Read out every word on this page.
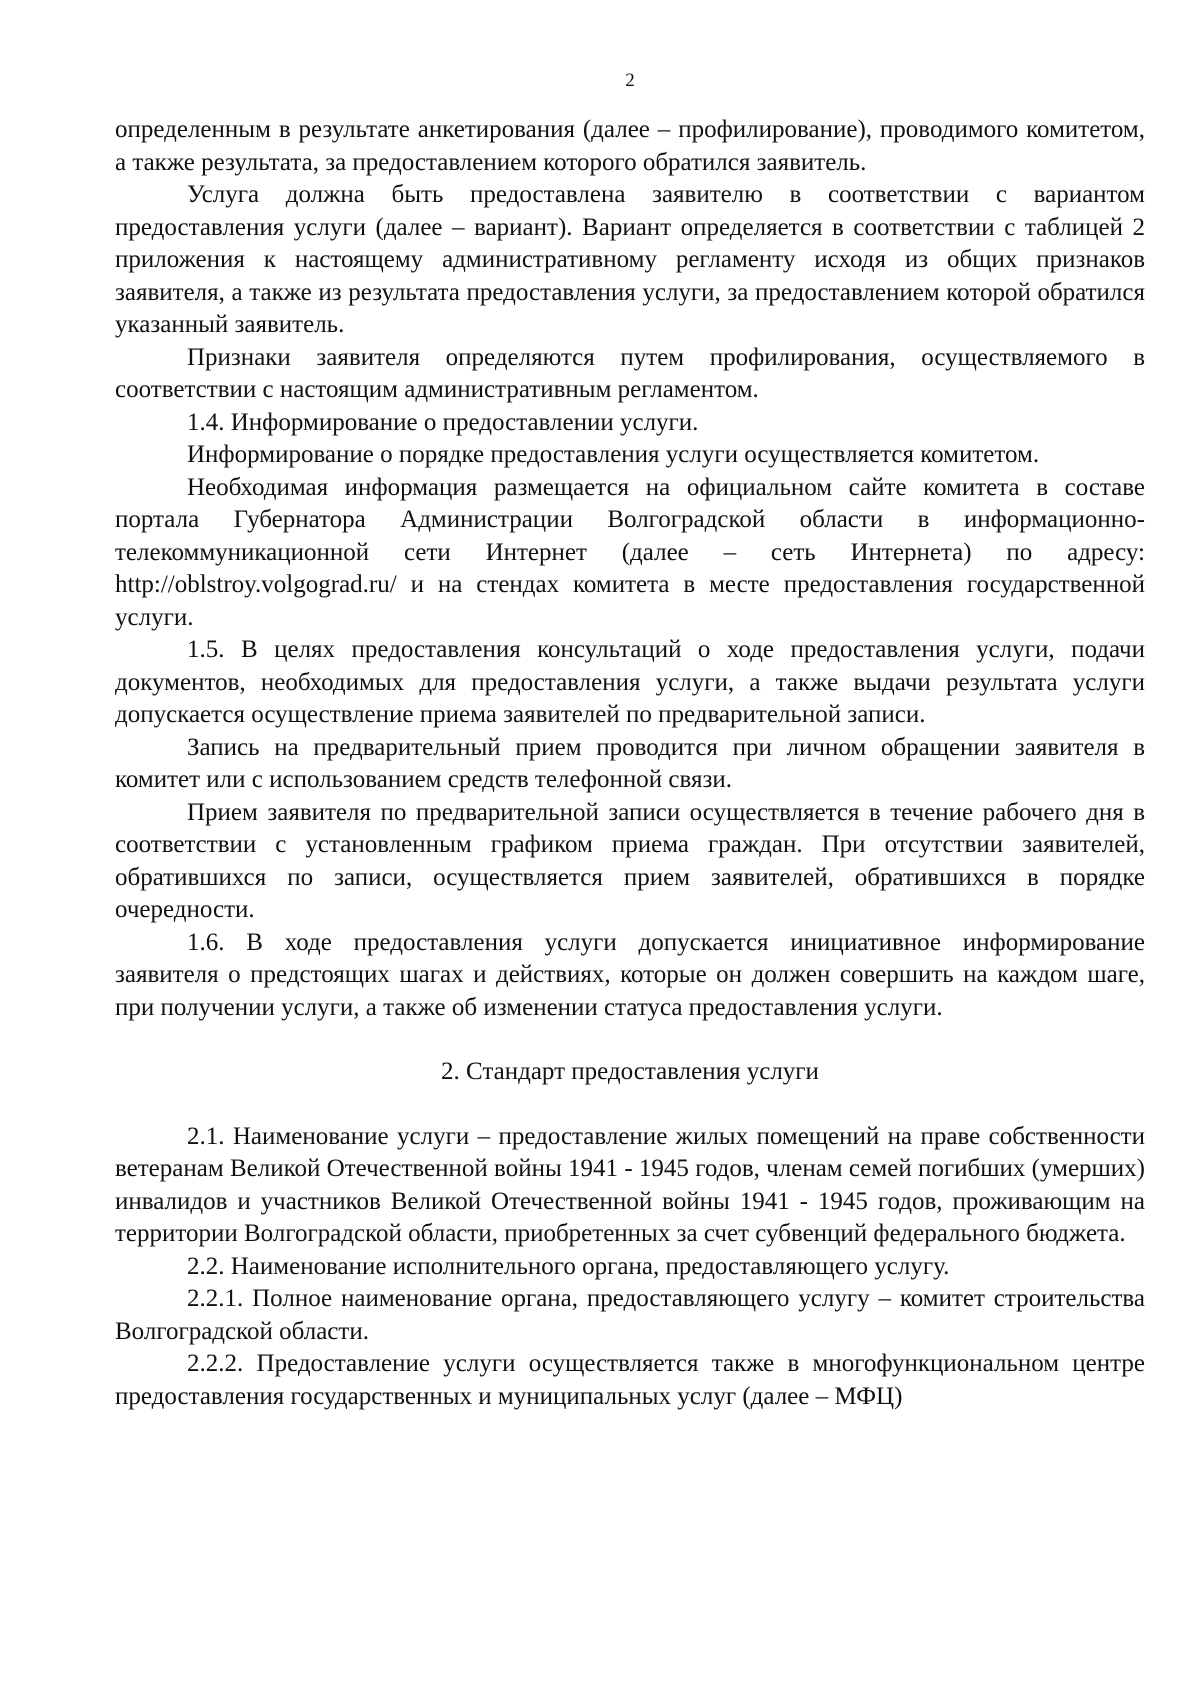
2

определенным в результате анкетирования (далее – профилирование), проводимого комитетом, а также результата, за предоставлением которого обратился заявитель.

Услуга должна быть предоставлена заявителю в соответствии с вариантом предоставления услуги (далее – вариант). Вариант определяется в соответствии с таблицей 2 приложения к настоящему административному регламенту исходя из общих признаков заявителя, а также из результата предоставления услуги, за предоставлением которой обратился указанный заявитель.

Признаки заявителя определяются путем профилирования, осуществляемого в соответствии с настоящим административным регламентом.

1.4. Информирование о предоставлении услуги.

Информирование о порядке предоставления услуги осуществляется комитетом.

Необходимая информация размещается на официальном сайте комитета в составе портала Губернатора Администрации Волгоградской области в информационно-телекоммуникационной сети Интернет (далее – сеть Интернета) по адресу: http://oblstroy.volgograd.ru/ и на стендах комитета в месте предоставления государственной услуги.

1.5. В целях предоставления консультаций о ходе предоставления услуги, подачи документов, необходимых для предоставления услуги, а также выдачи результата услуги допускается осуществление приема заявителей по предварительной записи.

Запись на предварительный прием проводится при личном обращении заявителя в комитет или с использованием средств телефонной связи.

Прием заявителя по предварительной записи осуществляется в течение рабочего дня в соответствии с установленным графиком приема граждан. При отсутствии заявителей, обратившихся по записи, осуществляется прием заявителей, обратившихся в порядке очередности.

1.6. В ходе предоставления услуги допускается инициативное информирование заявителя о предстоящих шагах и действиях, которые он должен совершить на каждом шаге, при получении услуги, а также об изменении статуса предоставления услуги.

2. Стандарт предоставления услуги

2.1. Наименование услуги – предоставление жилых помещений на праве собственности ветеранам Великой Отечественной войны 1941 - 1945 годов, членам семей погибших (умерших) инвалидов и участников Великой Отечественной войны 1941 - 1945 годов, проживающим на территории Волгоградской области, приобретенных за счет субвенций федерального бюджета.

2.2. Наименование исполнительного органа, предоставляющего услугу.

2.2.1. Полное наименование органа, предоставляющего услугу – комитет строительства Волгоградской области.

2.2.2. Предоставление услуги осуществляется также в многофункциональном центре предоставления государственных и муниципальных услуг (далее – МФЦ)
